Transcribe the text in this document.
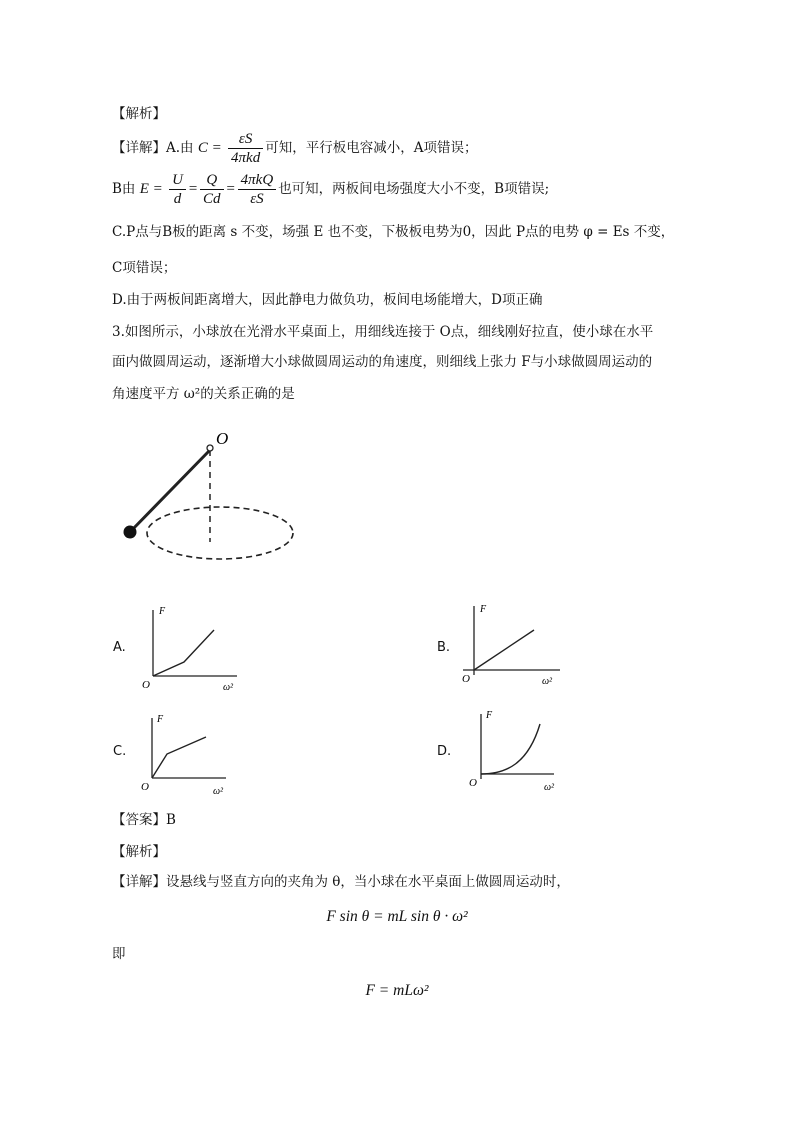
【解析】
【详解】A.由 $C = \frac{\varepsilon S}{\text{4πkd}}$ 可知，平行板电容减小，A项错误；
B由 $E = \frac{U}{d} = \frac{Q}{Cd} = \frac{\text{4πkQ}}{\varepsilon S}$ 也可知，两板间电场强度大小不变，B项错误;
C.P点与B板的距离 s 不变，场强 E 也不变，下极板电势为0，因此 P点的电势 φ = Es 不变，
C项错误；
D.由于两板间距离增大，因此静电力做负功，板间电场能增大，D项正确
3.如图所示，小球放在光滑水平桌面上，用细线连接于 O点，细线刚好拉直，使小球在水平
面内做圆周运动，逐渐增大小球做圆周运动的角速度，则细线上张力 F与小球做圆周运动的
角速度平方 ω²的关系正确的是
O
A.
F
O	ω²
B.
F
O	ω²
C.
F
O	ω²
D.
F
O	ω²
【答案】B
【解析】
【详解】设悬线与竖直方向的夹角为 θ，当小球在水平桌面上做圆周运动时，
F sin θ = mL sin θ · ω²
即
F = mLω²
